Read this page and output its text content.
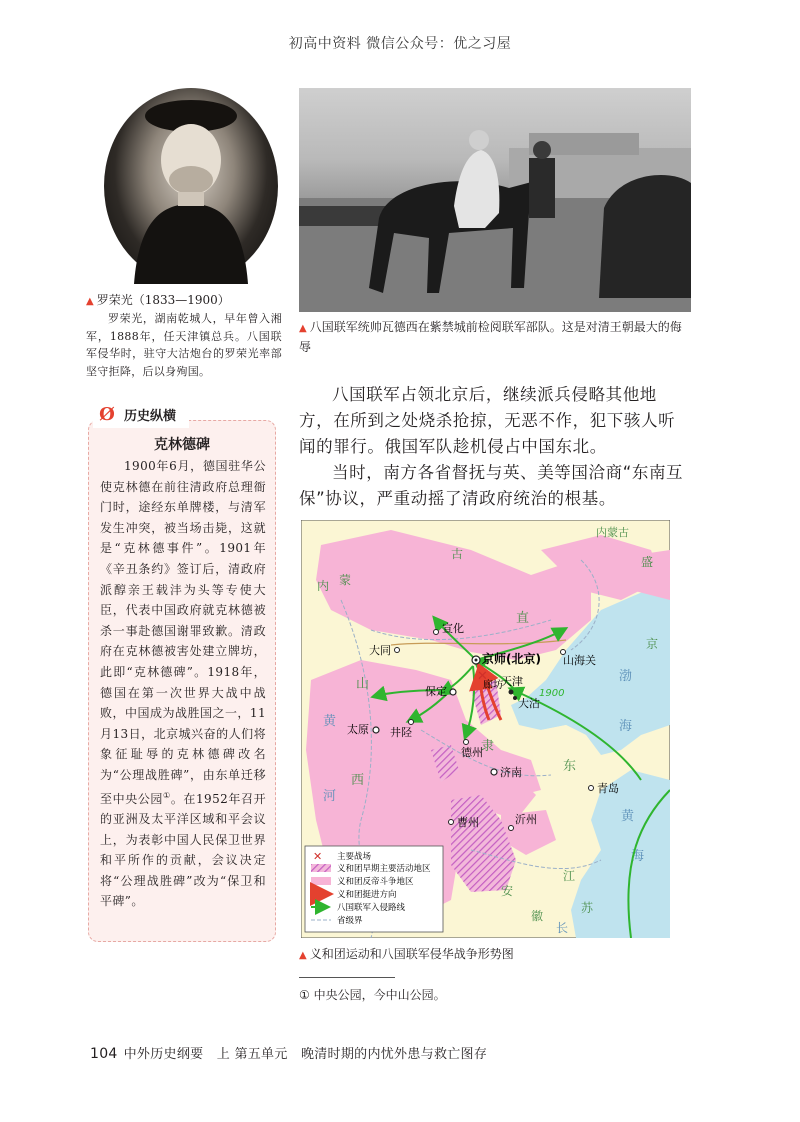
初高中资料 微信公众号：优之习屋
▲ 罗荣光（1833—1900）
罗荣光，湖南乾城人，早年曾入湘军，1888年，任天津镇总兵。八国联军侵华时，驻守大沽炮台的罗荣光率部坚守拒降，后以身殉国。
▲ 八国联军统帅瓦德西在紫禁城前检阅联军部队。这是对清王朝最大的侮辱
八国联军占领北京后，继续派兵侵略其他地方，在所到之处烧杀抢掠，无恶不作，犯下骇人听闻的罪行。俄国军队趁机侵占中国东北。
当时，南方各省督抚与英、美等国洽商“东南互保”协议，严重动摇了清政府统治的根基。
Ø 历史纵横
克林德碑
1900年6月，德国驻华公使克林德在前往清政府总理衙门时，途经东单牌楼，与清军发生冲突，被当场击毙，这就是“克林德事件”。1901年《辛丑条约》签订后，清政府派醇亲王载沣为头等专使大臣，代表中国政府就克林德被杀一事赴德国谢罪致歉。清政府在克林德被害处建立牌坊，此即“克林德碑”。1918年，德国在第一次世界大战中战败，中国成为战胜国之一，11月13日，北京城兴奋的人们将象征耻辱的克林德碑改名为“公理战胜碑”，由东单迁移至中央公园①。在1952年召开的亚洲及太平洋区域和平会议上，为表彰中国人民保卫世界和平所作的贡献，会议决定将“公理战胜碑”改为“保卫和平碑”。
蒙
古
内
内蒙古
盛
京
直
隶
山
西
东
黄
河
渤
海
黄
海
江
苏
安
徽
长
✕
1900
京师(北京)
天津
大沽
廊坊
保定
宣化
大同
山海关
太原 井陉
德州
济南
青岛
曹州	沂州
✕ 主要战场
义和团早期主要活动地区
义和团反帝斗争地区
义和团挺进方向
八国联军入侵路线
省级界
▲ 义和团运动和八国联军侵华战争形势图
① 中央公园，今中山公园。
104 中外历史纲要　上 第五单元　晚清时期的内忧外患与救亡图存
